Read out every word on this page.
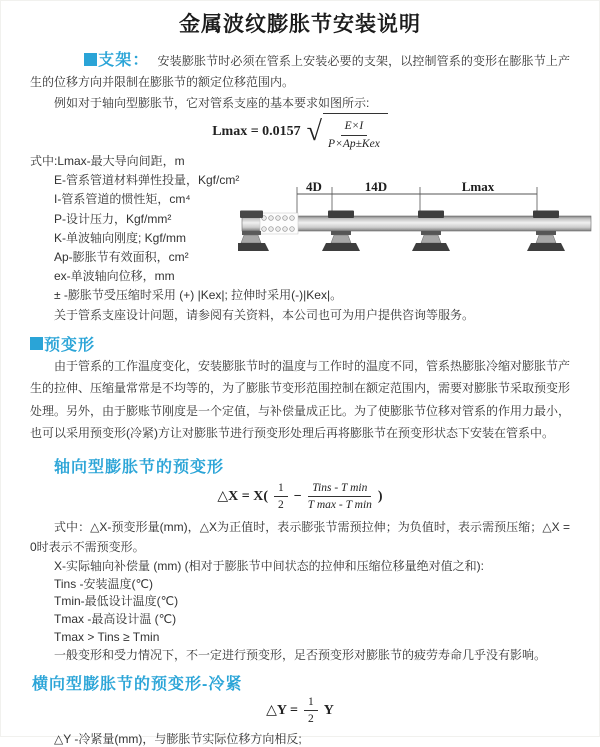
金属波纹膨胀节安装说明

支架： 安装膨胀节时必须在管系上安装必要的支架，以控制管系的变形在膨胀节上产生的位移方向并限制在膨胀节的额定位移范围内。

例如对于轴向型膨胀节，它对管系支座的基本要求如图所示:

Lmax = 0.0157 √ $\frac{E\times I}{\text{P×Ap±Kex}}$
式中:Lmax-最大导向间距，m
E-管系管道材料弹性投量，Kgf/cm²
I-管系管道的惯性矩，cm⁴
P-设计压力，Kgf/mm²
K-单波轴向刚度; Kgf/mm
Ap-膨胀节有效面积，cm²
ex-单波轴向位移，mm
± -膨胀节受压缩时采用 (+) |Kex|; 拉伸时采用(-)|Kex|。
关于管系支座设计问题，请参阅有关资料，本公司也可为用户提供咨询等服务。
4D	14D	Lmax
预变形

由于管系的工作温度变化，安装膨胀节时的温度与工作时的温度不同，管系热膨胀冷缩对膨胀节产生的拉伸、压缩量常常是不均等的，为了膨胀节变形范围控制在额定范围内，需要对膨胀节采取预变形处理。另外，由于膨账节刚度是一个定值，与补偿量成正比。为了使膨胀节位移对管系的作用力最小，也可以采用预变形(冷紧)方让对膨胀节进行预变形处理后再将膨胀节在预变形状态下安装在管系中。

轴向型膨胀节的预变形
△X = $X( \frac{1}{2} - \frac{\text{Tins - T min}}{\text{T max - T min}}$ )

式中：△X-预变形量(mm)，△X为正值时，表示膨张节需预拉伸；为负值时，表示需预压缩；△X = 0时表示不需预变形。

X-实际轴向补偿量 (mm) (相对于膨胀节中间状态的拉伸和压缩位移量绝对值之和):
Tins -安装温度(℃)
Tmin-最低设计温度(℃)
Tmax -最高设计温 (℃)
Tmax > Tins ≥ Tmin
一般变形和受力情况下，不一定进行预变形，足否预变形对膨胀节的疲劳寿命几乎没有影响。
横向型膨胀节的预变形-冷紧
△Y = $\frac{1}{2}$ Y
△Y -冷紧量(mm)，与膨胀节实际位移方向相反;
